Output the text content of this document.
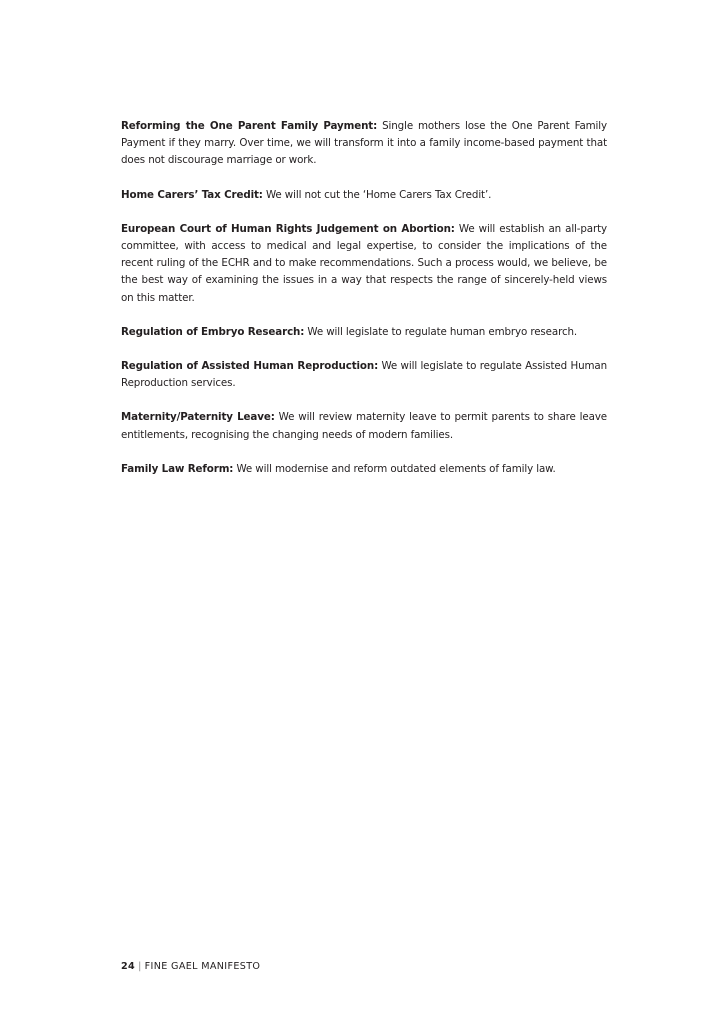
Reforming the One Parent Family Payment: Single mothers lose the One Parent Family Payment if they marry. Over time, we will transform it into a family income-based payment that does not discourage marriage or work.

Home Carers’ Tax Credit: We will not cut the ‘Home Carers Tax Credit’.

European Court of Human Rights Judgement on Abortion: We will establish an all-party committee, with access to medical and legal expertise, to consider the implications of the recent ruling of the ECHR and to make recommendations. Such a process would, we believe, be the best way of examining the issues in a way that respects the range of sincerely-held views on this matter.

Regulation of Embryo Research: We will legislate to regulate human embryo research.

Regulation of Assisted Human Reproduction: We will legislate to regulate Assisted Human Reproduction services.

Maternity/Paternity Leave: We will review maternity leave to permit parents to share leave entitlements, recognising the changing needs of modern families.

Family Law Reform: We will modernise and reform outdated elements of family law.

24 | FINE GAEL MANIFESTO
